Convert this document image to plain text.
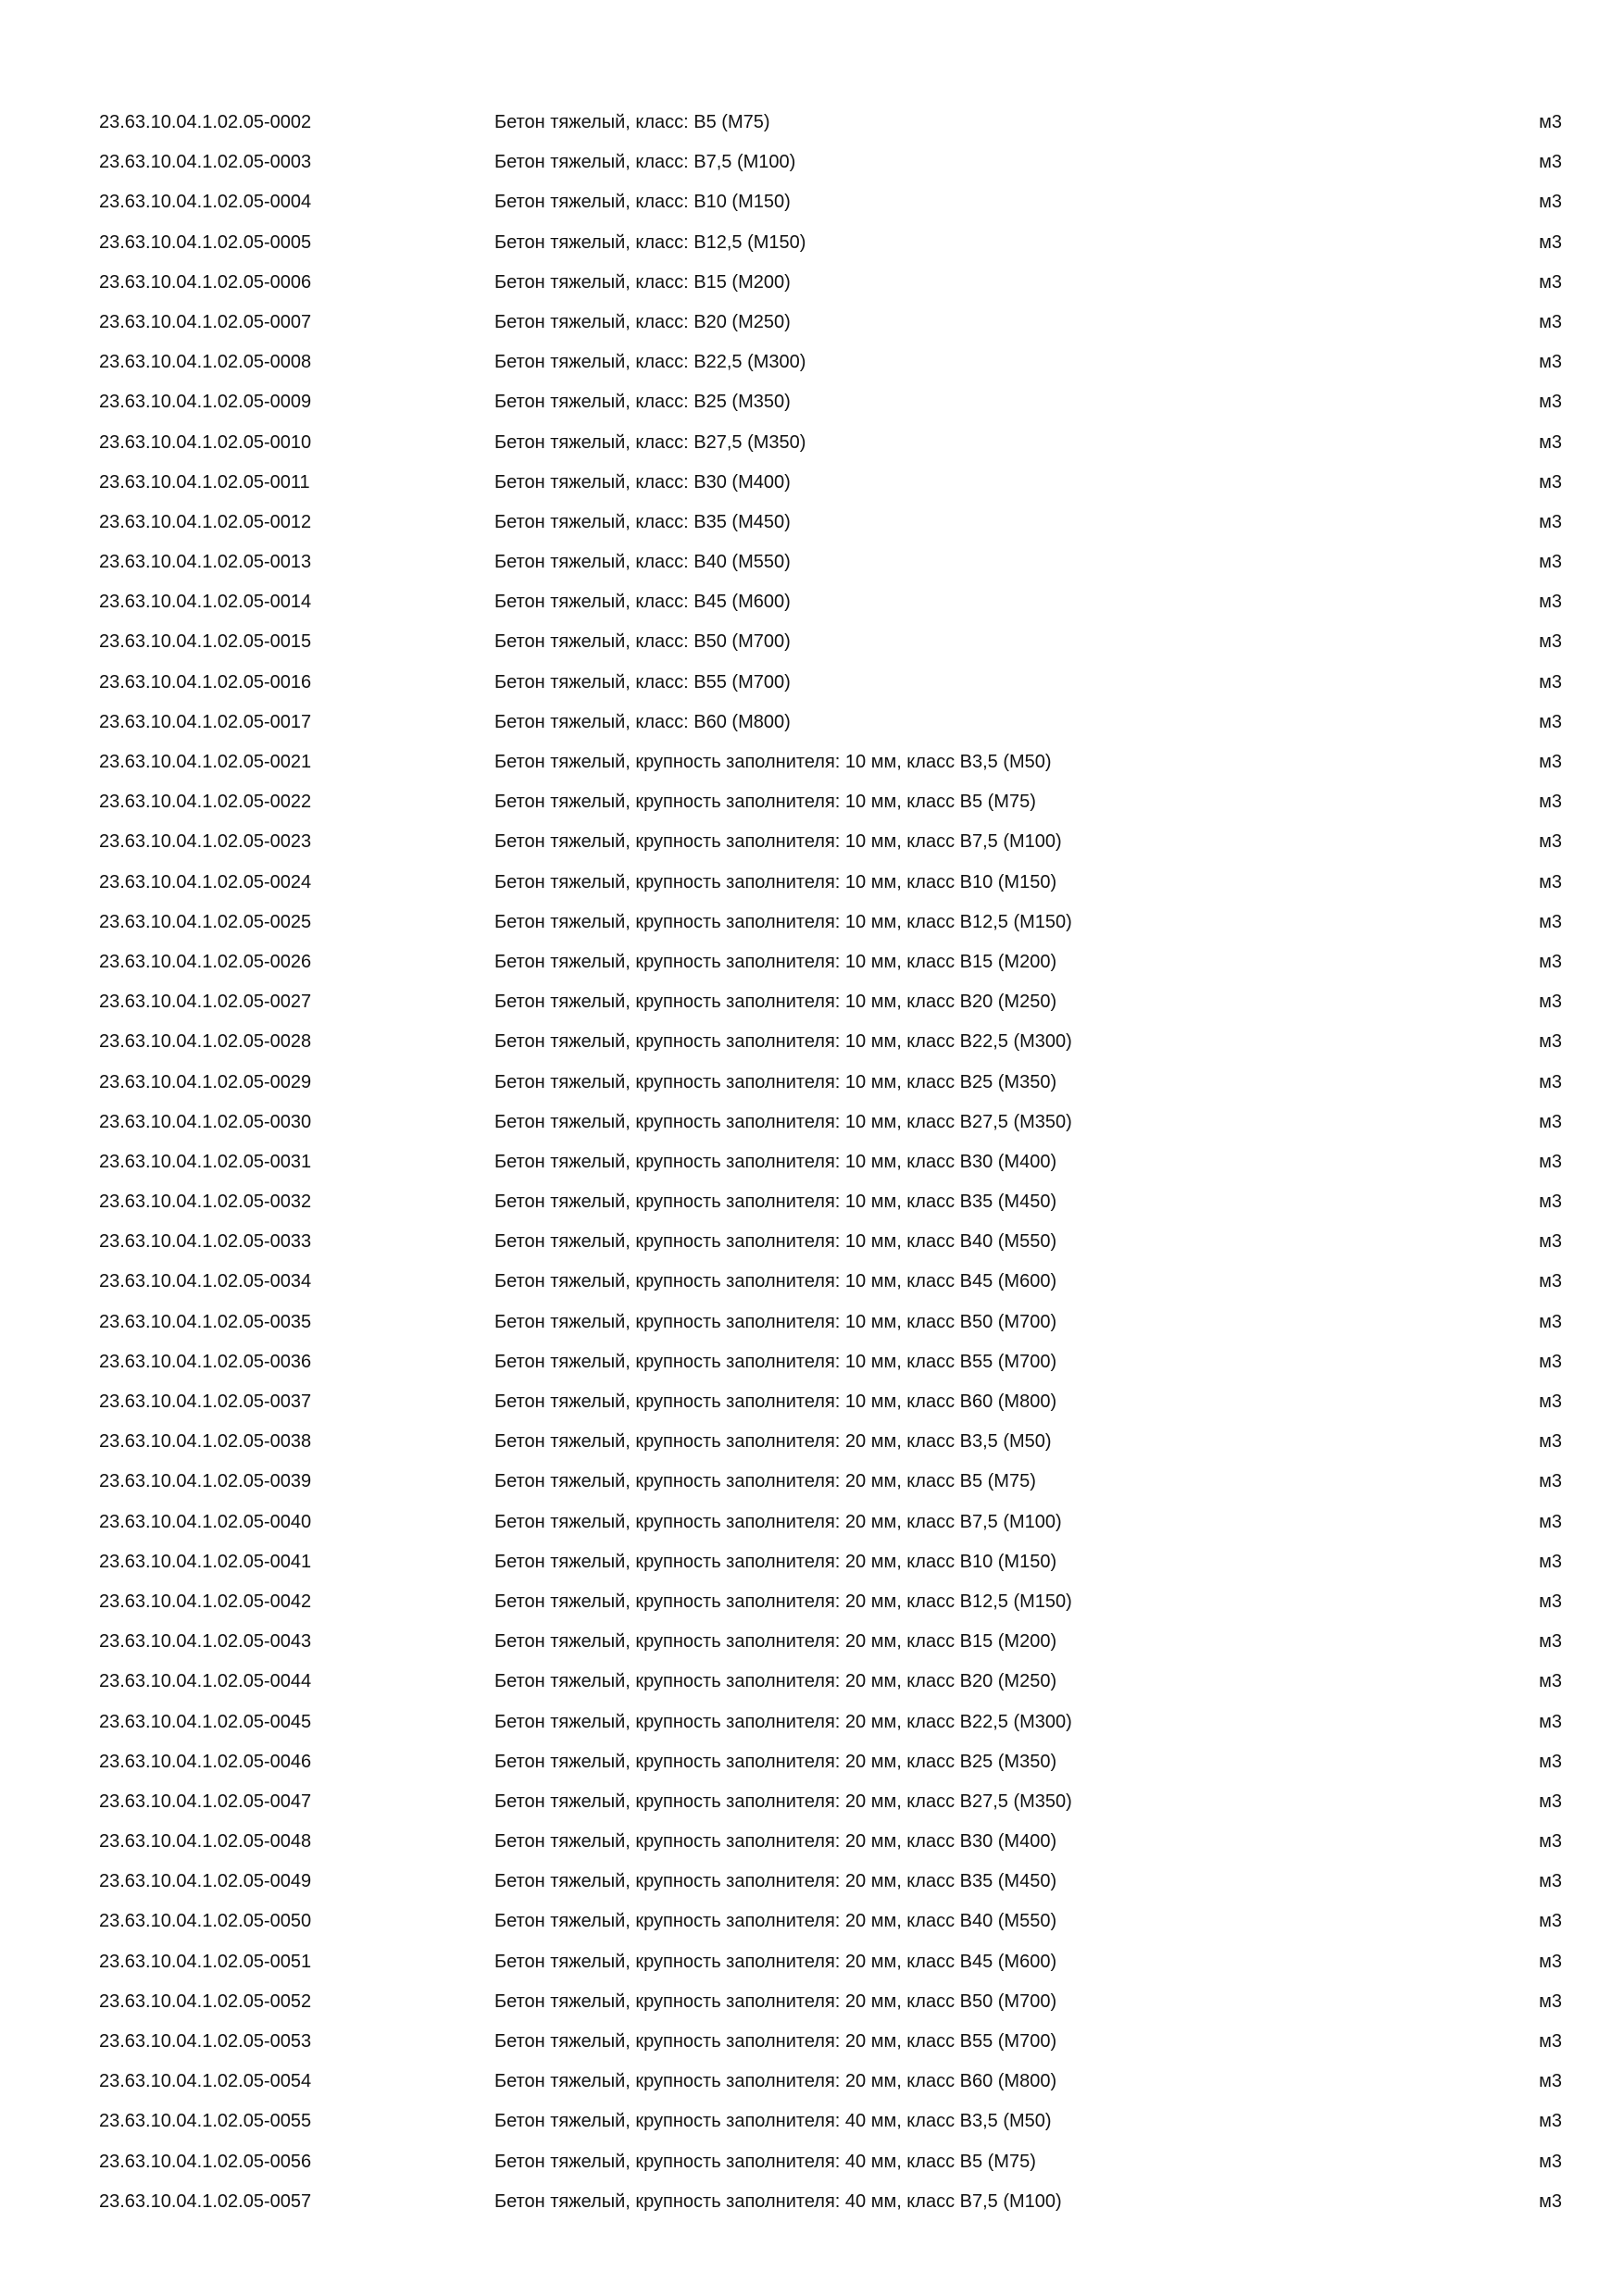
23.63.10.04.1.02.05-0002	Бетон тяжелый, класс: В5 (М75)	м3
23.63.10.04.1.02.05-0003	Бетон тяжелый, класс: В7,5 (М100)	м3
23.63.10.04.1.02.05-0004	Бетон тяжелый, класс: В10 (М150)	м3
23.63.10.04.1.02.05-0005	Бетон тяжелый, класс: В12,5 (М150)	м3
23.63.10.04.1.02.05-0006	Бетон тяжелый, класс: В15 (М200)	м3
23.63.10.04.1.02.05-0007	Бетон тяжелый, класс: В20 (М250)	м3
23.63.10.04.1.02.05-0008	Бетон тяжелый, класс: В22,5 (М300)	м3
23.63.10.04.1.02.05-0009	Бетон тяжелый, класс: В25 (М350)	м3
23.63.10.04.1.02.05-0010	Бетон тяжелый, класс: В27,5 (М350)	м3
23.63.10.04.1.02.05-0011	Бетон тяжелый, класс: В30 (М400)	м3
23.63.10.04.1.02.05-0012	Бетон тяжелый, класс: В35 (М450)	м3
23.63.10.04.1.02.05-0013	Бетон тяжелый, класс: В40 (М550)	м3
23.63.10.04.1.02.05-0014	Бетон тяжелый, класс: В45 (М600)	м3
23.63.10.04.1.02.05-0015	Бетон тяжелый, класс: В50 (М700)	м3
23.63.10.04.1.02.05-0016	Бетон тяжелый, класс: В55 (М700)	м3
23.63.10.04.1.02.05-0017	Бетон тяжелый, класс: В60 (М800)	м3
23.63.10.04.1.02.05-0021	Бетон тяжелый, крупность заполнителя: 10 мм, класс В3,5 (М50)	м3
23.63.10.04.1.02.05-0022	Бетон тяжелый, крупность заполнителя: 10 мм, класс В5 (М75)	м3
23.63.10.04.1.02.05-0023	Бетон тяжелый, крупность заполнителя: 10 мм, класс В7,5 (М100)	м3
23.63.10.04.1.02.05-0024	Бетон тяжелый, крупность заполнителя: 10 мм, класс В10 (М150)	м3
23.63.10.04.1.02.05-0025	Бетон тяжелый, крупность заполнителя: 10 мм, класс В12,5 (М150)	м3
23.63.10.04.1.02.05-0026	Бетон тяжелый, крупность заполнителя: 10 мм, класс В15 (М200)	м3
23.63.10.04.1.02.05-0027	Бетон тяжелый, крупность заполнителя: 10 мм, класс В20 (М250)	м3
23.63.10.04.1.02.05-0028	Бетон тяжелый, крупность заполнителя: 10 мм, класс В22,5 (М300)	м3
23.63.10.04.1.02.05-0029	Бетон тяжелый, крупность заполнителя: 10 мм, класс В25 (М350)	м3
23.63.10.04.1.02.05-0030	Бетон тяжелый, крупность заполнителя: 10 мм, класс В27,5 (М350)	м3
23.63.10.04.1.02.05-0031	Бетон тяжелый, крупность заполнителя: 10 мм, класс В30 (М400)	м3
23.63.10.04.1.02.05-0032	Бетон тяжелый, крупность заполнителя: 10 мм, класс В35 (М450)	м3
23.63.10.04.1.02.05-0033	Бетон тяжелый, крупность заполнителя: 10 мм, класс В40 (М550)	м3
23.63.10.04.1.02.05-0034	Бетон тяжелый, крупность заполнителя: 10 мм, класс В45 (М600)	м3
23.63.10.04.1.02.05-0035	Бетон тяжелый, крупность заполнителя: 10 мм, класс В50 (М700)	м3
23.63.10.04.1.02.05-0036	Бетон тяжелый, крупность заполнителя: 10 мм, класс В55 (М700)	м3
23.63.10.04.1.02.05-0037	Бетон тяжелый, крупность заполнителя: 10 мм, класс В60 (М800)	м3
23.63.10.04.1.02.05-0038	Бетон тяжелый, крупность заполнителя: 20 мм, класс В3,5 (М50)	м3
23.63.10.04.1.02.05-0039	Бетон тяжелый, крупность заполнителя: 20 мм, класс В5 (М75)	м3
23.63.10.04.1.02.05-0040	Бетон тяжелый, крупность заполнителя: 20 мм, класс В7,5 (М100)	м3
23.63.10.04.1.02.05-0041	Бетон тяжелый, крупность заполнителя: 20 мм, класс В10 (М150)	м3
23.63.10.04.1.02.05-0042	Бетон тяжелый, крупность заполнителя: 20 мм, класс В12,5 (М150)	м3
23.63.10.04.1.02.05-0043	Бетон тяжелый, крупность заполнителя: 20 мм, класс В15 (М200)	м3
23.63.10.04.1.02.05-0044	Бетон тяжелый, крупность заполнителя: 20 мм, класс В20 (М250)	м3
23.63.10.04.1.02.05-0045	Бетон тяжелый, крупность заполнителя: 20 мм, класс В22,5 (М300)	м3
23.63.10.04.1.02.05-0046	Бетон тяжелый, крупность заполнителя: 20 мм, класс В25 (М350)	м3
23.63.10.04.1.02.05-0047	Бетон тяжелый, крупность заполнителя: 20 мм, класс В27,5 (М350)	м3
23.63.10.04.1.02.05-0048	Бетон тяжелый, крупность заполнителя: 20 мм, класс В30 (М400)	м3
23.63.10.04.1.02.05-0049	Бетон тяжелый, крупность заполнителя: 20 мм, класс В35 (М450)	м3
23.63.10.04.1.02.05-0050	Бетон тяжелый, крупность заполнителя: 20 мм, класс В40 (М550)	м3
23.63.10.04.1.02.05-0051	Бетон тяжелый, крупность заполнителя: 20 мм, класс В45 (М600)	м3
23.63.10.04.1.02.05-0052	Бетон тяжелый, крупность заполнителя: 20 мм, класс В50 (М700)	м3
23.63.10.04.1.02.05-0053	Бетон тяжелый, крупность заполнителя: 20 мм, класс В55 (М700)	м3
23.63.10.04.1.02.05-0054	Бетон тяжелый, крупность заполнителя: 20 мм, класс В60 (М800)	м3
23.63.10.04.1.02.05-0055	Бетон тяжелый, крупность заполнителя: 40 мм, класс В3,5 (М50)	м3
23.63.10.04.1.02.05-0056	Бетон тяжелый, крупность заполнителя: 40 мм, класс В5 (М75)	м3
23.63.10.04.1.02.05-0057	Бетон тяжелый, крупность заполнителя: 40 мм, класс В7,5 (М100)	м3
